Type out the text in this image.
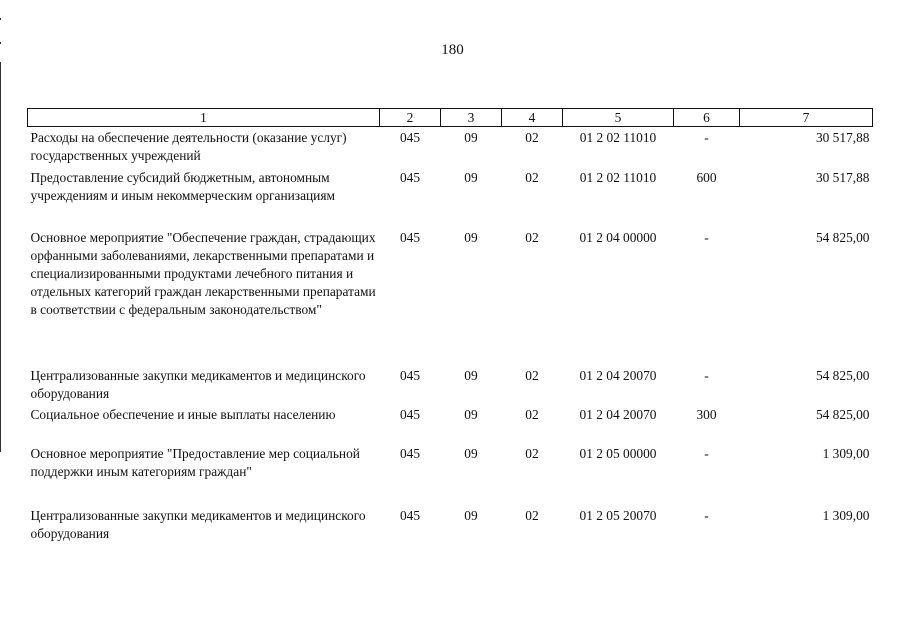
180
1	2	3	4	5	6	7
Расходы на обеспечение деятельности (оказание услуг) государственных учреждений	045	09	02	01 2 02 11010	-	30 517,88
Предоставление субсидий бюджетным, автономным учреждениям и иным некоммерческим организациям	045	09	02	01 2 02 11010	600	30 517,88
Основное мероприятие "Обеспечение граждан, страдающих орфанными заболеваниями, лекарственными препаратами и специализированными продуктами лечебного питания и отдельных категорий граждан лекарственными препаратами в соответствии с федеральным законодательством"	045	09	02	01 2 04 00000	-	54 825,00
Централизованные закупки медикаментов и медицинского оборудования	045	09	02	01 2 04 20070	-	54 825,00
Социальное обеспечение и иные выплаты населению	045	09	02	01 2 04 20070	300	54 825,00
Основное мероприятие "Предоставление мер социальной поддержки иным категориям граждан"	045	09	02	01 2 05 00000	-	1 309,00
Централизованные закупки медикаментов и медицинского оборудования	045	09	02	01 2 05 20070	-	1 309,00
